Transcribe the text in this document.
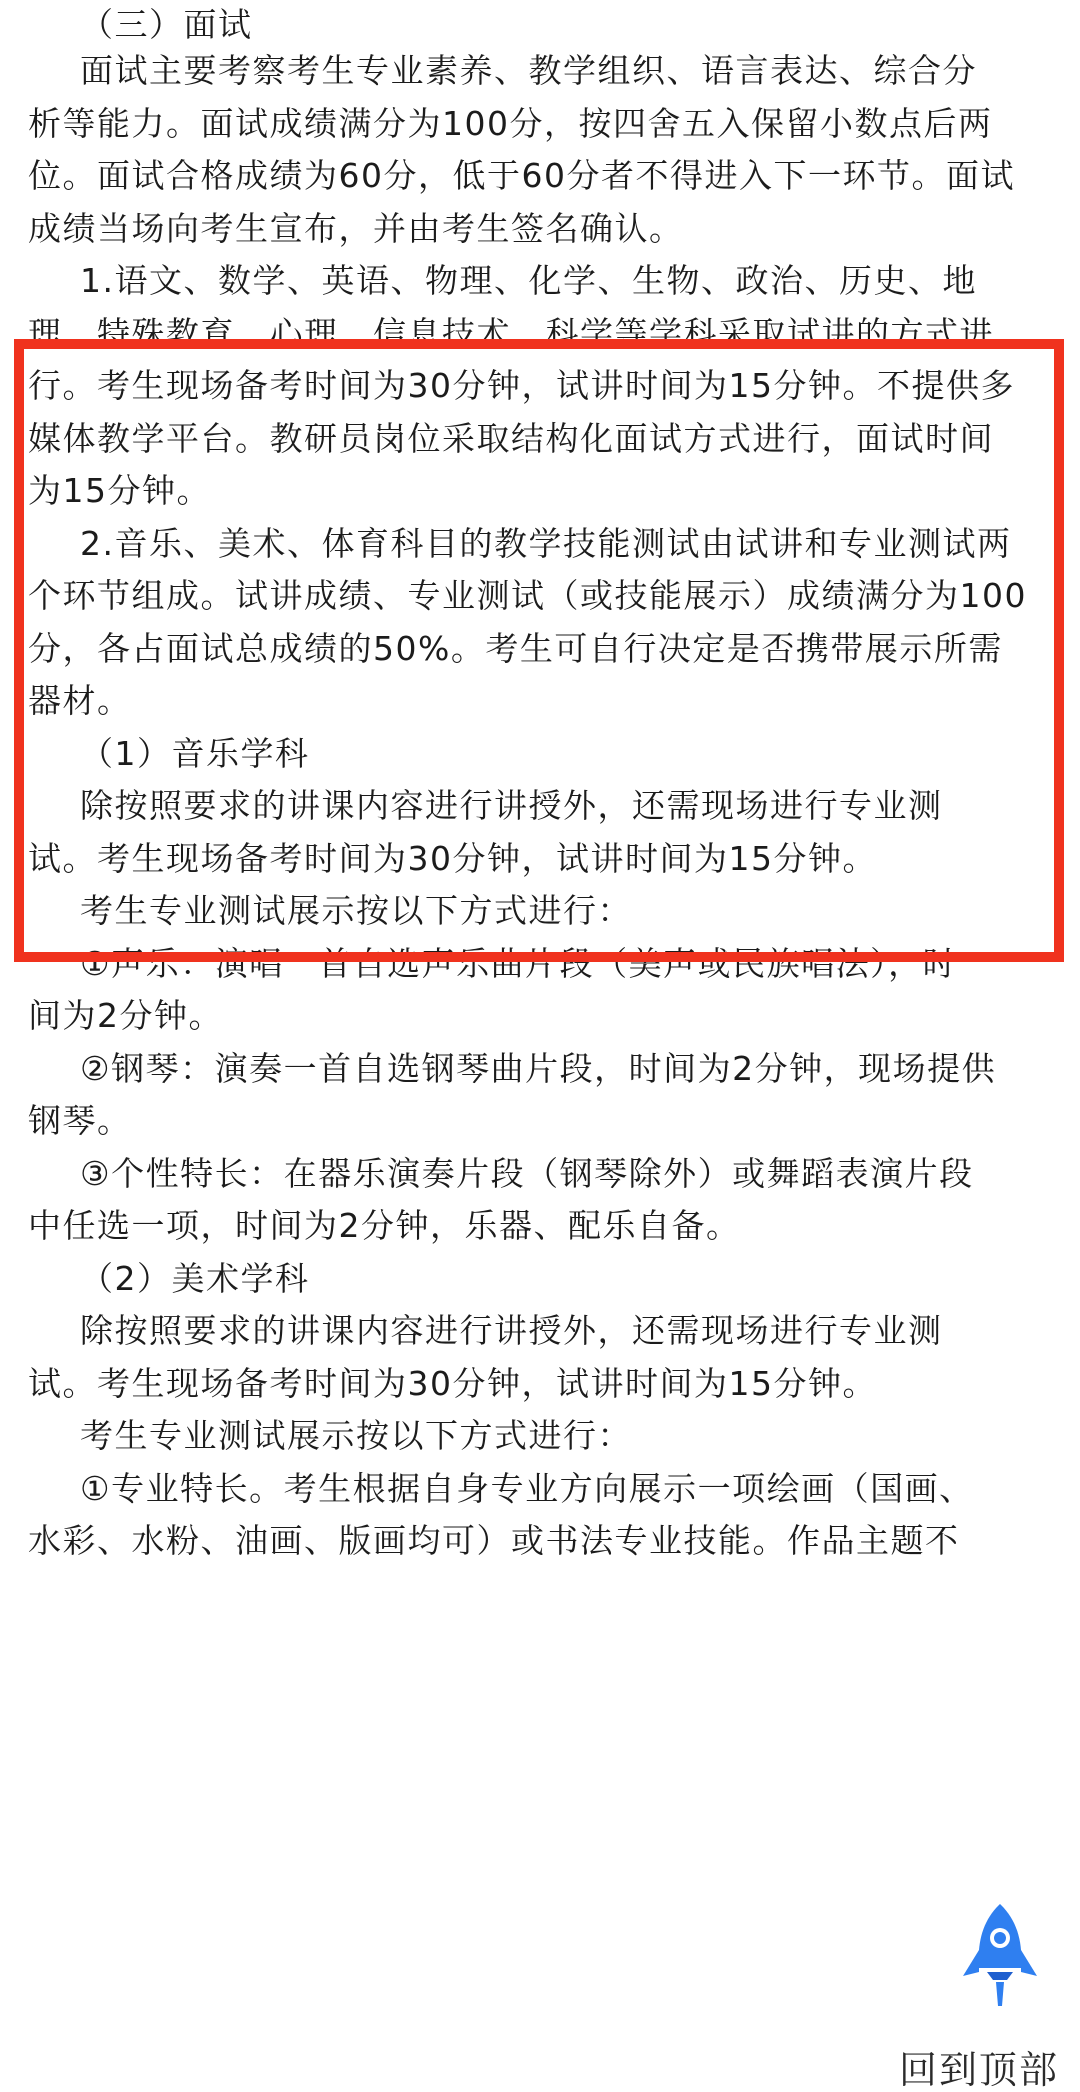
（三）面试
面试主要考察考生专业素养、教学组织、语言表达、综合分
析等能力。面试成绩满分为100分，按四舍五入保留小数点后两
位。面试合格成绩为60分，低于60分者不得进入下一环节。面试
成绩当场向考生宣布，并由考生签名确认。
1.语文、数学、英语、物理、化学、生物、政治、历史、地
理、特殊教育、心理、信息技术、科学等学科采取试讲的方式进
行。考生现场备考时间为30分钟，试讲时间为15分钟。不提供多
媒体教学平台。教研员岗位采取结构化面试方式进行，面试时间
为15分钟。
2.音乐、美术、体育科目的教学技能测试由试讲和专业测试两
个环节组成。试讲成绩、专业测试（或技能展示）成绩满分为100
分，各占面试总成绩的50%。考生可自行决定是否携带展示所需
器材。
（1）音乐学科
除按照要求的讲课内容进行讲授外，还需现场进行专业测
试。考生现场备考时间为30分钟，试讲时间为15分钟。
考生专业测试展示按以下方式进行：
①声乐：演唱一首自选声乐曲片段（美声或民族唱法），时
间为2分钟。
②钢琴：演奏一首自选钢琴曲片段，时间为2分钟，现场提供
钢琴。
③个性特长：在器乐演奏片段（钢琴除外）或舞蹈表演片段
中任选一项，时间为2分钟，乐器、配乐自备。
（2）美术学科
除按照要求的讲课内容进行讲授外，还需现场进行专业测
试。考生现场备考时间为30分钟，试讲时间为15分钟。
考生专业测试展示按以下方式进行：
①专业特长。考生根据自身专业方向展示一项绘画（国画、
水彩、水粉、油画、版画均可）或书法专业技能。作品主题不
回到顶部
